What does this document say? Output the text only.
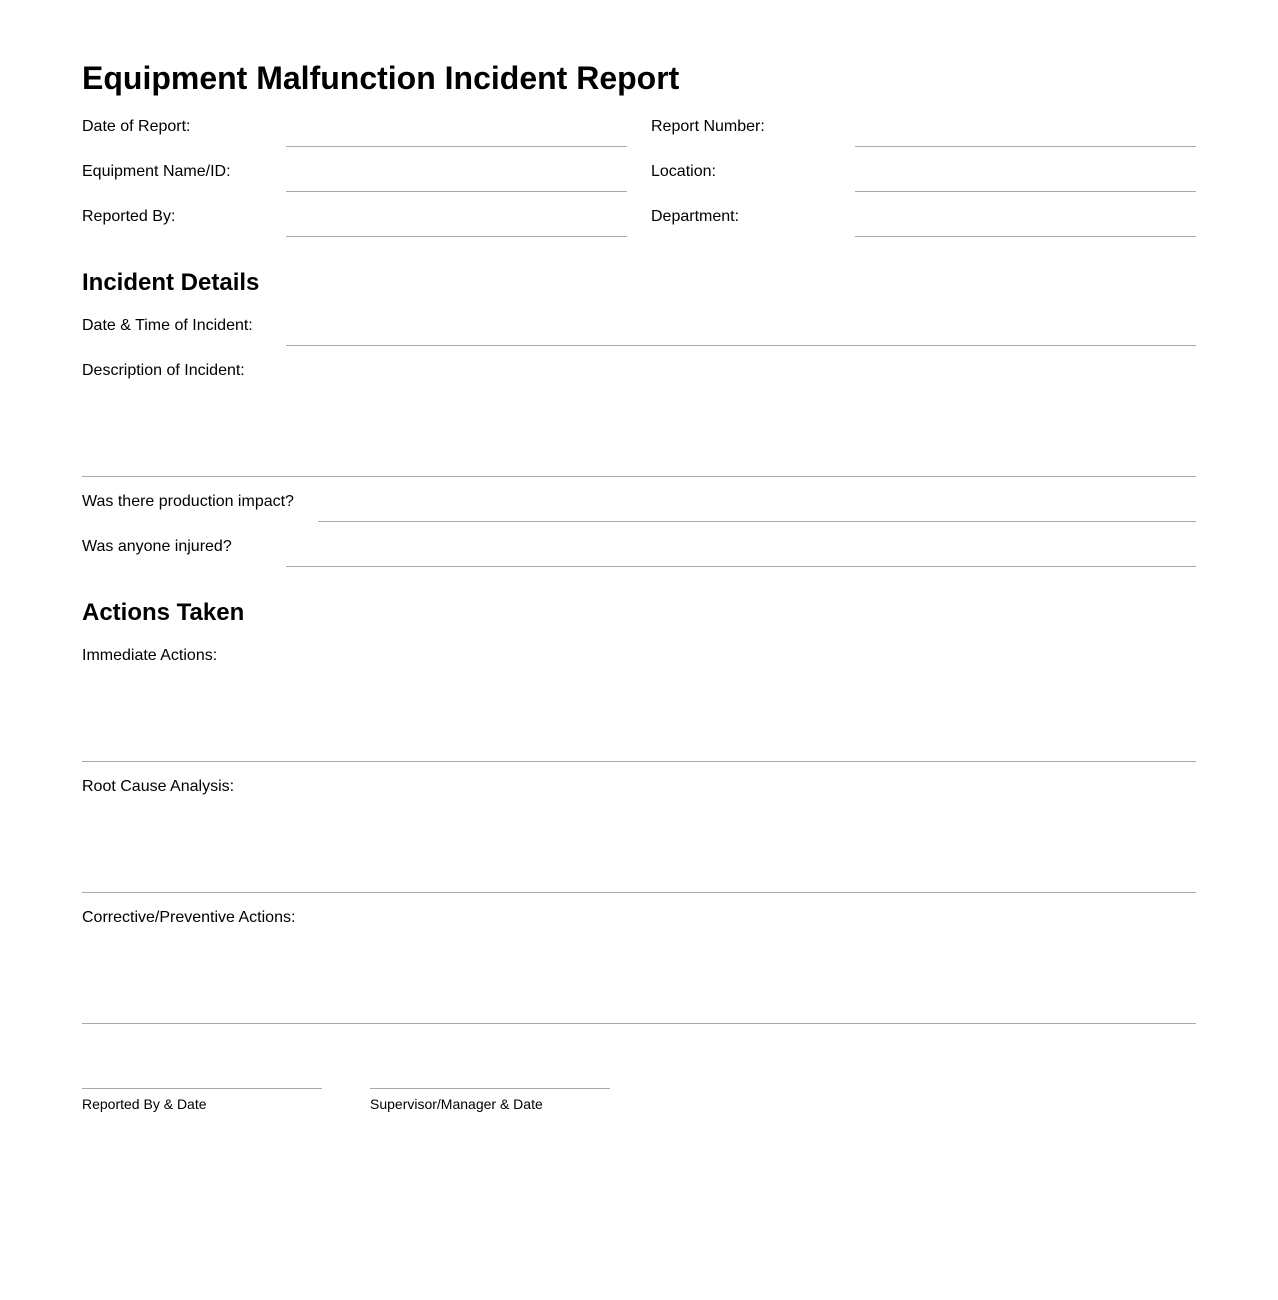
Equipment Malfunction Incident Report
Date of Report:
Equipment Name/ID:
Reported By:
Report Number:
Location:
Department:
Incident Details
Date & Time of Incident:
Description of Incident:
Was there production impact?
Was anyone injured?
Actions Taken
Immediate Actions:
Root Cause Analysis:
Corrective/Preventive Actions:
Reported By & Date	Supervisor/Manager & Date
